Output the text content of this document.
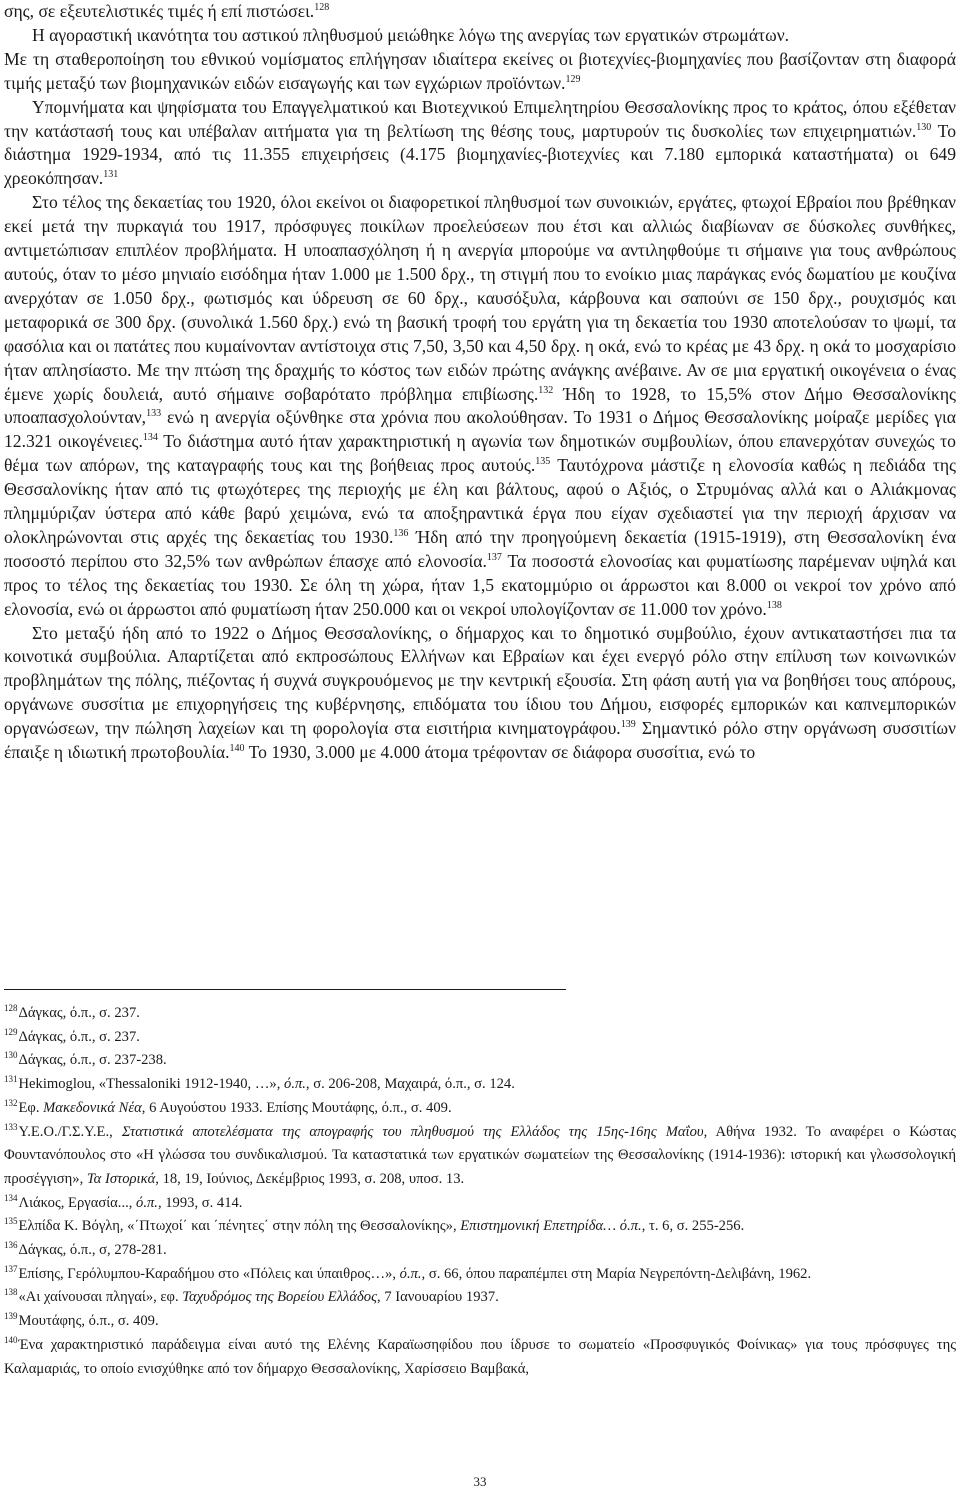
σης, σε εξευτελιστικές τιμές ή επί πιστώσει.$^{128}$

Η αγοραστική ικανότητα του αστικού πληθυσμού μειώθηκε λόγω της ανεργίας των εργατικών στρωμάτων.

Με τη σταθεροποίηση του εθνικού νομίσματος επλήγησαν ιδιαίτερα εκείνες οι βιοτεχνίες-βιομηχανίες που βασίζονταν στη διαφορά τιμής μεταξύ των βιομηχανικών ειδών εισαγωγής και των εγχώριων προϊόντων.$^{129}$

Υπομνήματα και ψηφίσματα του Επαγγελματικού και Βιοτεχνικού Επιμελητηρίου Θεσσαλονίκης προς το κράτος, όπου εξέθεταν την κατάστασή τους και υπέβαλαν αιτήματα για τη βελτίωση της θέσης τους, μαρτυρούν τις δυσκολίες των επιχειρηματιών.$^{130}$ Το διάστημα 1929-1934, από τις 11.355 επιχειρήσεις (4.175 βιομηχανίες-βιοτεχνίες και 7.180 εμπορικά καταστήματα) οι 649 χρεοκόπησαν.$^{131}$

Στο τέλος της δεκαετίας του 1920, όλοι εκείνοι οι διαφορετικοί πληθυσμοί των συνοικιών, εργάτες, φτωχοί Εβραίοι που βρέθηκαν εκεί μετά την πυρκαγιά του 1917, πρόσφυγες ποικίλων προελεύσεων που έτσι και αλλιώς διαβίωναν σε δύσκολες συνθήκες, αντιμετώπισαν επιπλέον προβλήματα. Η υποαπασχόληση ή η ανεργία μπορούμε να αντιληφθούμε τι σήμαινε για τους ανθρώπους αυτούς, όταν το μέσο μηνιαίο εισόδημα ήταν 1.000 με 1.500 δρχ., τη στιγμή που το ενοίκιο μιας παράγκας ενός δωματίου με κουζίνα ανερχόταν σε 1.050 δρχ., φωτισμός και ύδρευση σε 60 δρχ., καυσόξυλα, κάρβουνα και σαπούνι σε 150 δρχ., ρουχισμός και μεταφορικά σε 300 δρχ. (συνολικά 1.560 δρχ.) ενώ τη βασική τροφή του εργάτη για τη δεκαετία του 1930 αποτελούσαν το ψωμί, τα φασόλια και οι πατάτες που κυμαίνονταν αντίστοιχα στις 7,50, 3,50 και 4,50 δρχ. η οκά, ενώ το κρέας με 43 δρχ. η οκά το μοσχαρίσιο ήταν απλησίαστο. Με την πτώση της δραχμής το κόστος των ειδών πρώτης ανάγκης ανέβαινε. Αν σε μια εργατική οικογένεια ο ένας έμενε χωρίς δουλειά, αυτό σήμαινε σοβαρότατο πρόβλημα επιβίωσης.$^{132}$ Ήδη το 1928, το 15,5% στον Δήμο Θεσσαλονίκης υποαπασχολούνταν,$^{133}$ ενώ η ανεργία οξύνθηκε στα χρόνια που ακολούθησαν. Το 1931 ο Δήμος Θεσσαλονίκης μοίραζε μερίδες για 12.321 οικογένειες.$^{134}$ Το διάστημα αυτό ήταν χαρακτηριστική η αγωνία των δημοτικών συμβουλίων, όπου επανερχόταν συνεχώς το θέμα των απόρων, της καταγραφής τους και της βοήθειας προς αυτούς.$^{135}$ Ταυτόχρονα μάστιζε η ελονοσία καθώς η πεδιάδα της Θεσσαλονίκης ήταν από τις φτωχότερες της περιοχής με έλη και βάλτους, αφού ο Αξιός, ο Στρυμόνας αλλά και ο Αλιάκμονας πλημμύριζαν ύστερα από κάθε βαρύ χειμώνα, ενώ τα αποξηραντικά έργα που είχαν σχεδιαστεί για την περιοχή άρχισαν να ολοκληρώνονται στις αρχές της δεκαετίας του 1930.$^{136}$ Ήδη από την προηγούμενη δεκαετία (1915-1919), στη Θεσσαλονίκη ένα ποσοστό περίπου στο 32,5% των ανθρώπων έπασχε από ελονοσία.$^{137}$ Τα ποσοστά ελονοσίας και φυματίωσης παρέμεναν υψηλά και προς το τέλος της δεκαετίας του 1930. Σε όλη τη χώρα, ήταν 1,5 εκατομμύριο οι άρρωστοι και 8.000 οι νεκροί τον χρόνο από ελονοσία, ενώ οι άρρωστοι από φυματίωση ήταν 250.000 και οι νεκροί υπολογίζονταν σε 11.000 τον χρόνο.$^{138}$

Στο μεταξύ ήδη από το 1922 ο Δήμος Θεσσαλονίκης, ο δήμαρχος και το δημοτικό συμβούλιο, έχουν αντικαταστήσει πια τα κοινοτικά συμβούλια. Απαρτίζεται από εκπροσώπους Ελλήνων και Εβραίων και έχει ενεργό ρόλο στην επίλυση των κοινωνικών προβλημάτων της πόλης, πιέζοντας ή συχνά συγκρουόμενος με την κεντρική εξουσία. Στη φάση αυτή για να βοηθήσει τους απόρους, οργάνωνε συσσίτια με επιχορηγήσεις της κυβέρνησης, επιδόματα του ίδιου του Δήμου, εισφορές εμπορικών και καπνεμπορικών οργανώσεων, την πώληση λαχείων και τη φορολογία στα εισιτήρια κινηματογράφου.$^{139}$ Σημαντικό ρόλο στην οργάνωση συσσιτίων έπαιξε η ιδιωτική πρωτοβουλία.$^{140}$ Το 1930, 3.000 με 4.000 άτομα τρέφονταν σε διάφορα συσσίτια, ενώ το

$^{128}$Δάγκας, ό.π., σ. 237.

$^{129}$Δάγκας, ό.π., σ. 237.

$^{130}$Δάγκας, ό.π., σ. 237-238.

$^{131}$Hekimoglou, «Thessaloniki 1912-1940, …», ό.π., σ. 206-208, Μαχαιρά, ό.π., σ. 124.

$^{132}$Εφ. Μακεδονικά Νέα, 6 Αυγούστου 1933. Επίσης Μουτάφης, ό.π., σ. 409.

$^{133}$Υ.Ε.Ο./Γ.Σ.Υ.Ε., Στατιστικά αποτελέσματα της απογραφής του πληθυσμού της Ελλάδος της 15ης-16ης Μαΐου, Αθήνα 1932. Το αναφέρει ο Κώστας Φουντανόπουλος στο «Η γλώσσα του συνδικαλισμού. Τα καταστατικά των εργατικών σωματείων της Θεσσαλονίκης (1914-1936): ιστορική και γλωσσολογική προσέγγιση», Τα Ιστορικά, 18, 19, Ιούνιος, Δεκέμβριος 1993, σ. 208, υποσ. 13.

$^{134}$Λιάκος, Εργασία..., ό.π., 1993, σ. 414.

$^{135}$Ελπίδα Κ. Βόγλη, «΄Πτωχοί΄ και ΄πένητες΄ στην πόλη της Θεσσαλονίκης», Επιστημονική Επετηρίδα… ό.π., τ. 6, σ. 255-256.

$^{136}$Δάγκας, ό.π., σ, 278-281.

$^{137}$Επίσης, Γερόλυμπου-Καραδήμου στο «Πόλεις και ύπαιθρος…», ό.π., σ. 66, όπου παραπέμπει στη Μαρία Νεγρεπόντη-Δελιβάνη, 1962.

$^{138}$«Αι χαίνουσαι πληγαί», εφ. Ταχυδρόμος της Βορείου Ελλάδος, 7 Ιανουαρίου 1937.

$^{139}$Μουτάφης, ό.π., σ. 409.

$^{140}$Ένα χαρακτηριστικό παράδειγμα είναι αυτό της Ελένης Καραϊωσηφίδου που ίδρυσε το σωματείο «Προσφυγικός Φοίνικας» για τους πρόσφυγες της Καλαμαριάς, το οποίο ενισχύθηκε από τον δήμαρχο Θεσσαλονίκης, Χαρίσσειο Βαμβακά,

33
